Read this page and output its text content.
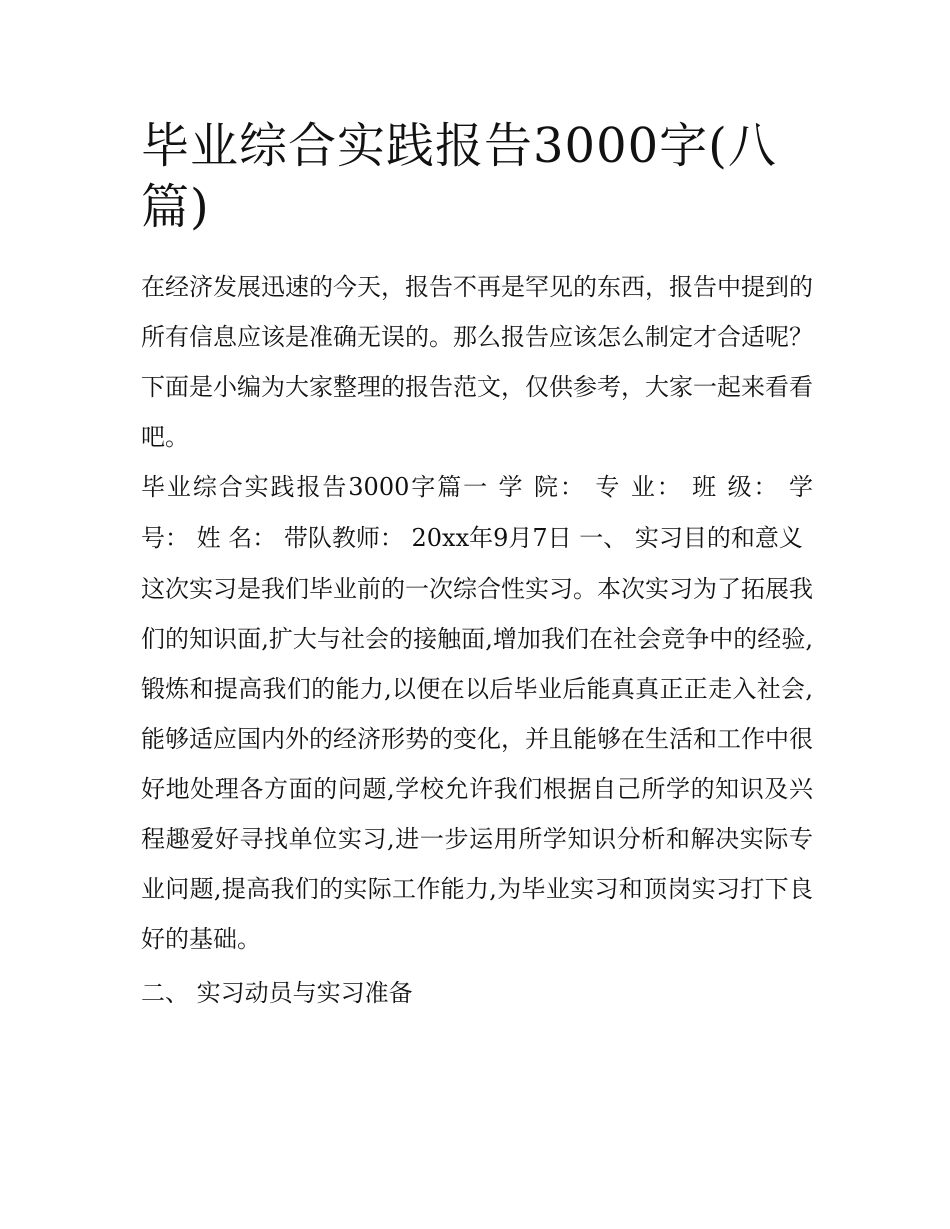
毕业综合实践报告3000字(八篇)

在经济发展迅速的今天，报告不再是罕见的东西，报告中提到的所有信息应该是准确无误的。那么报告应该怎么制定才合适呢？下面是小编为大家整理的报告范文，仅供参考，大家一起来看看吧。

毕业综合实践报告3000字篇一 学 院： 专 业： 班 级： 学 号： 姓 名： 带队教师： 20xx年9月7日 一、 实习目的和意义

这次实习是我们毕业前的一次综合性实习。本次实习为了拓展我们的知识面,扩大与社会的接触面,增加我们在社会竞争中的经验,锻炼和提高我们的能力,以便在以后毕业后能真真正正走入社会,能够适应国内外的经济形势的变化，并且能够在生活和工作中很好地处理各方面的问题,学校允许我们根据自己所学的知识及兴程趣爱好寻找单位实习,进一步运用所学知识分析和解决实际专业问题,提高我们的实际工作能力,为毕业实习和顶岗实习打下良好的基础。

二、 实习动员与实习准备
